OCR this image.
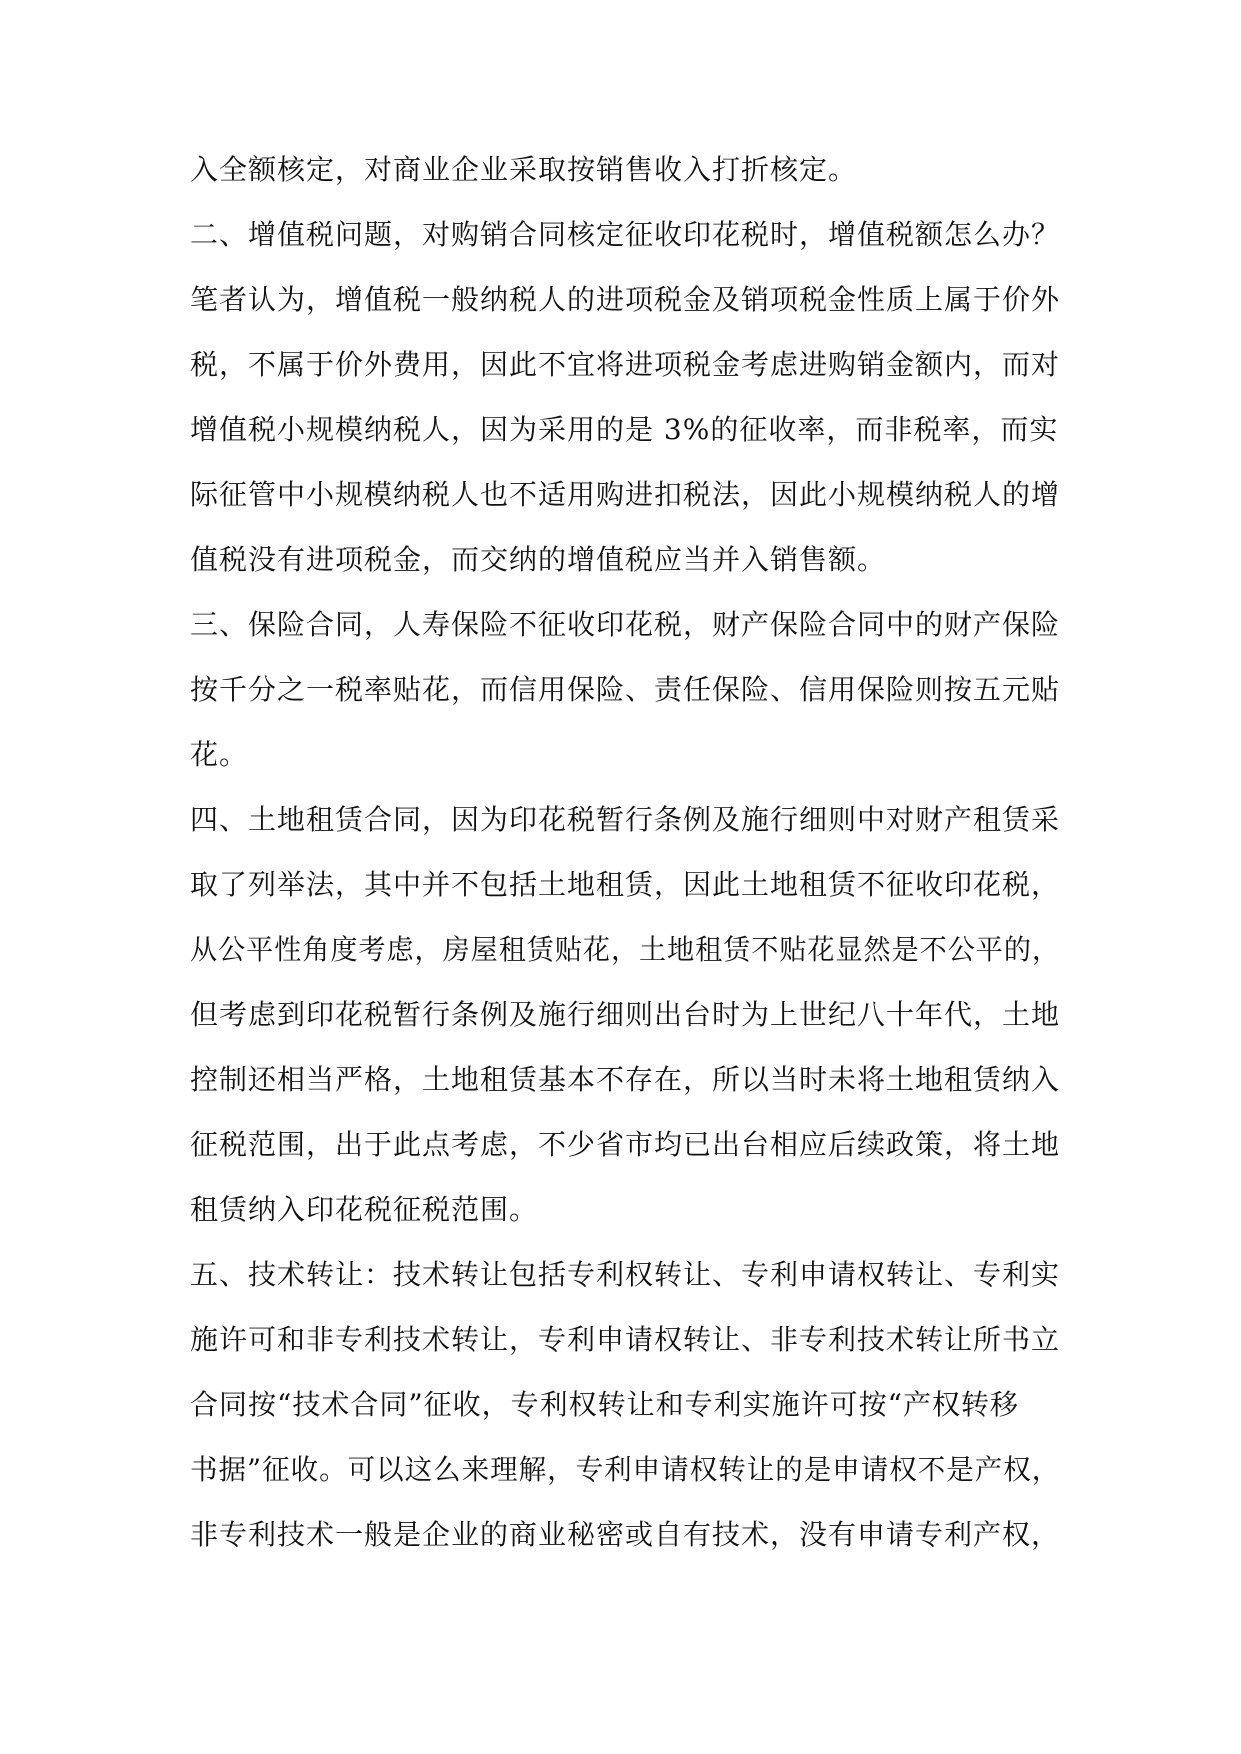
入全额核定，对商业企业采取按销售收入打折核定。
二、增值税问题，对购销合同核定征收印花税时，增值税额怎么办？
笔者认为，增值税一般纳税人的进项税金及销项税金性质上属于价外
税，不属于价外费用，因此不宜将进项税金考虑进购销金额内，而对
增值税小规模纳税人，因为采用的是 3%的征收率，而非税率，而实
际征管中小规模纳税人也不适用购进扣税法，因此小规模纳税人的增
值税没有进项税金，而交纳的增值税应当并入销售额。
三、保险合同，人寿保险不征收印花税，财产保险合同中的财产保险
按千分之一税率贴花，而信用保险、责任保险、信用保险则按五元贴
花。
四、土地租赁合同，因为印花税暂行条例及施行细则中对财产租赁采
取了列举法，其中并不包括土地租赁，因此土地租赁不征收印花税，
从公平性角度考虑，房屋租赁贴花，土地租赁不贴花显然是不公平的，
但考虑到印花税暂行条例及施行细则出台时为上世纪八十年代，土地
控制还相当严格，土地租赁基本不存在，所以当时未将土地租赁纳入
征税范围，出于此点考虑，不少省市均已出台相应后续政策，将土地
租赁纳入印花税征税范围。
五、技术转让：技术转让包括专利权转让、专利申请权转让、专利实
施许可和非专利技术转让，专利申请权转让、非专利技术转让所书立
合同按“技术合同”征收，专利权转让和专利实施许可按“产权转移
书据”征收。可以这么来理解，专利申请权转让的是申请权不是产权，
非专利技术一般是企业的商业秘密或自有技术，没有申请专利产权，
